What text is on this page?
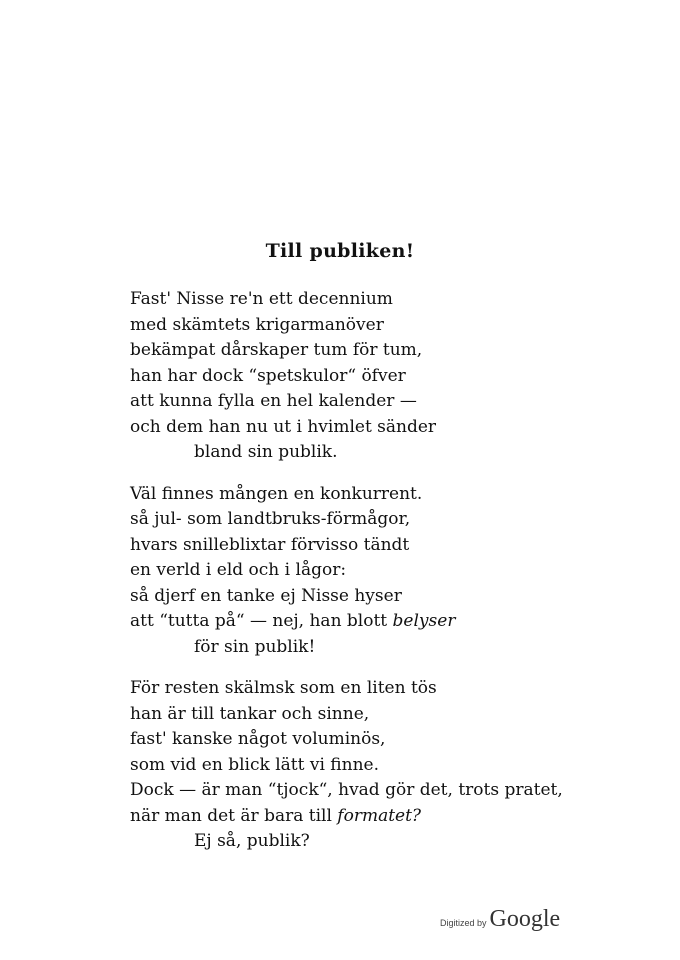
Till publiken!
Fast' Nisse re'n ett decennium
med skämtets krigarmanöver
bekämpat dårskaper tum för tum,
han har dock “spetskulor“ öfver
att kunna fylla en hel kalender —
och dem han nu ut i hvimlet sänder
bland sin publik.
Väl finnes mången en konkurrent.
så jul- som landtbruks-förmågor,
hvars snilleblixtar förvisso tändt
en verld i eld och i lågor:
så djerf en tanke ej Nisse hyser
att “tutta på“ — nej, han blott belyser
för sin publik!
För resten skälmsk som en liten tös
han är till tankar och sinne,
fast' kanske något voluminös,
som vid en blick lätt vi finne.
Dock — är man “tjock“, hvad gör det, trots pratet,
när man det är bara till formatet?
Ej så, publik?
Digitized by Google
